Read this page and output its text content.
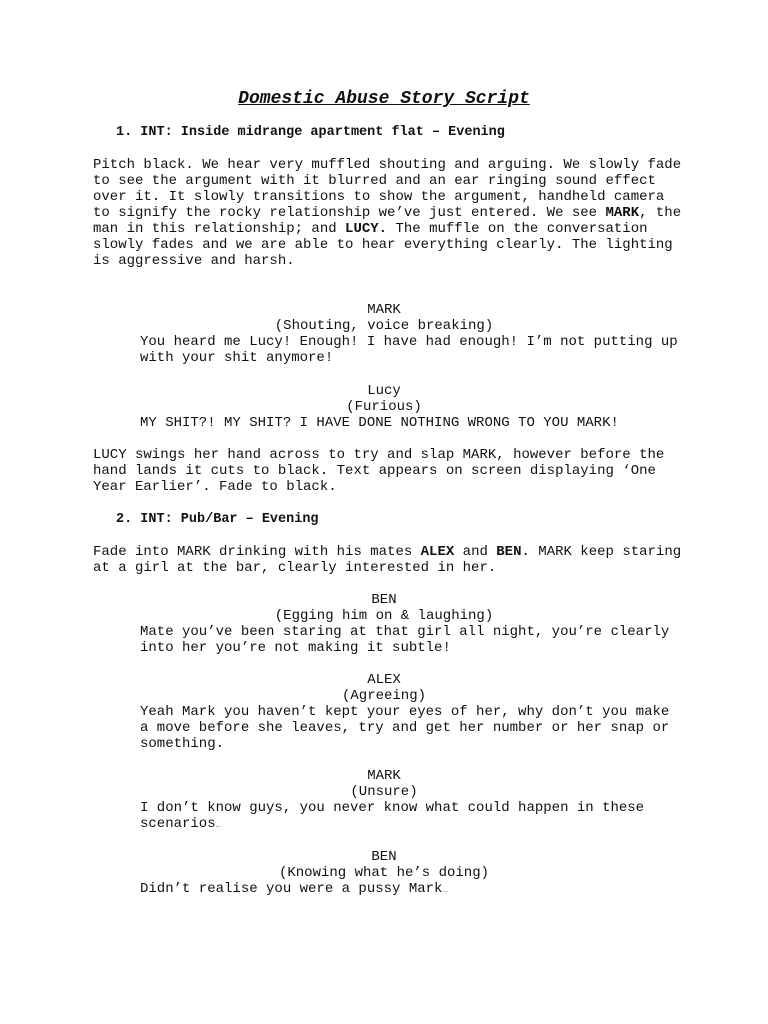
Domestic Abuse Story Script
1. INT: Inside midrange apartment flat – Evening
Pitch black. We hear very muffled shouting and arguing. We slowly fade to see the argument with it blurred and an ear ringing sound effect over it. It slowly transitions to show the argument, handheld camera to signify the rocky relationship we’ve just entered. We see MARK, the man in this relationship; and LUCY. The muffle on the conversation slowly fades and we are able to hear everything clearly. The lighting is aggressive and harsh.
MARK
(Shouting, voice breaking)
You heard me Lucy! Enough! I have had enough! I’m not putting up with your shit anymore!
Lucy
(Furious)
MY SHIT?! MY SHIT? I HAVE DONE NOTHING WRONG TO YOU MARK!
LUCY swings her hand across to try and slap MARK, however before the hand lands it cuts to black. Text appears on screen displaying ‘One Year Earlier’. Fade to black.
2. INT: Pub/Bar – Evening
Fade into MARK drinking with his mates ALEX and BEN. MARK keep staring at a girl at the bar, clearly interested in her.
BEN
(Egging him on & laughing)
Mate you’ve been staring at that girl all night, you’re clearly into her you’re not making it subtle!
ALEX
(Agreeing)
Yeah Mark you haven’t kept your eyes of her, why don’t you make a move before she leaves, try and get her number or her snap or something.
MARK
(Unsure)
I don’t know guys, you never know what could happen in these scenarios…
BEN
(Knowing what he’s doing)
Didn’t realise you were a pussy Mark…
